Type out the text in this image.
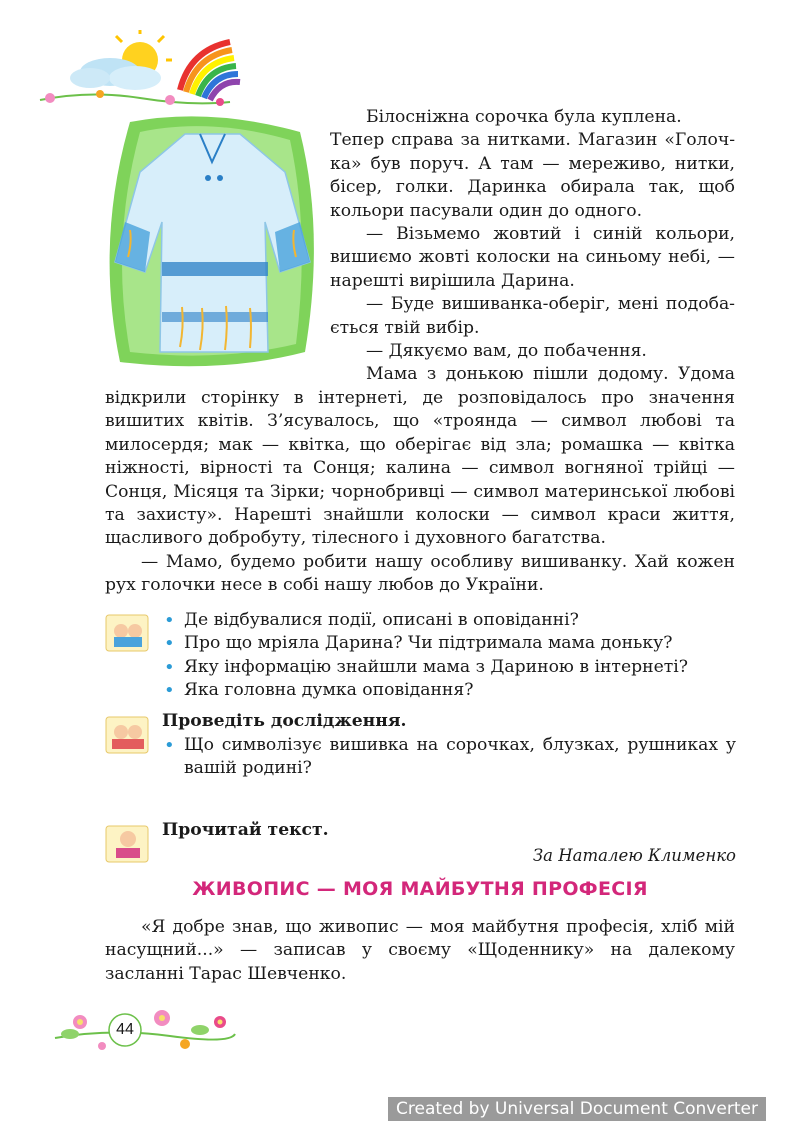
Білосніжна сорочка була куплена.
Тепер справа за нитками. Магазин «Голоч-
ка» був поруч. А там — мереживо, нитки,
бісер, голки. Даринка обирала так, щоб
кольори пасували один до одного.
— Візьмемо жовтий і синій кольори,
вишиємо жовті колоски на синьому небі, —
нарешті вирішила Дарина.
— Буде вишиванка-оберіг, мені подоба-
ється твій вибір.
— Дякуємо вам, до побачення.
Мама з донькою пішли додому. Удома

відкрили сторінку в інтернеті, де розповідалось про значення вишитих квітів. З’ясувалось, що «троянда — символ любові та милосердя; мак — квітка, що оберігає від зла; ромашка — квітка ніжності, вірності та Сонця; калина — символ вогняної трійці — Сонця, Місяця та Зірки; чорнобривці — символ материнської любові та захисту». Нарешті знайшли колоски — символ краси життя, щасливого добробуту, тілесного і духовного багатства.

— Мамо, будемо робити нашу особливу вишиванку. Хай кожен рух голочки несе в собі нашу любов до України.

• Де відбувалися події, описані в оповіданні?
• Про що мріяла Дарина? Чи підтримала мама доньку?
• Яку інформацію знайшли мама з Дариною в інтернеті?
• Яка головна думка оповідання?
Проведіть дослідження.
• Що символізує вишивка на сорочках, блузках, рушниках у вашій родині?
Прочитай текст.
За Наталею Клименко
ЖИВОПИС — МОЯ МАЙБУТНЯ ПРОФЕСІЯ

«Я добре знав, що живопис — моя майбутня професія, хліб мій насущний...» — записав у своєму «Щоденнику» на далекому засланні Тарас Шевченко.

44
Created by Universal Document Converter
